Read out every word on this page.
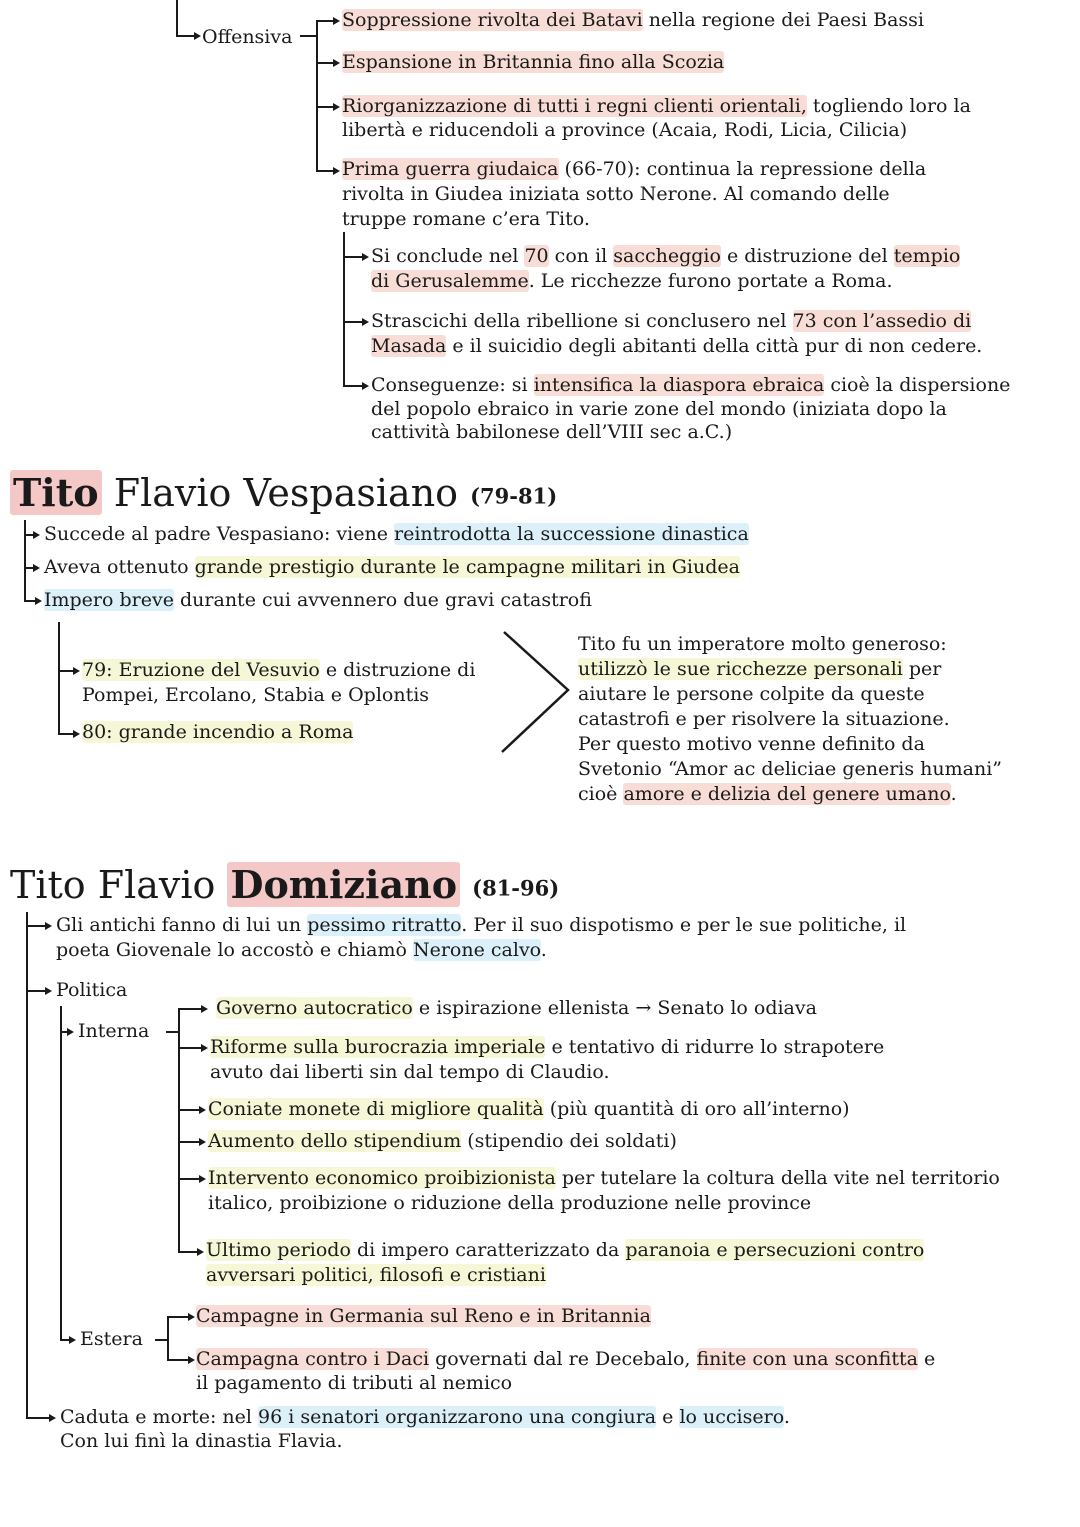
Offensiva
Soppressione rivolta dei Batavi nella regione dei Paesi Bassi
Espansione in Britannia fino alla Scozia
Riorganizzazione di tutti i regni clienti orientali, togliendo loro la
libertà e riducendoli a province (Acaia, Rodi, Licia, Cilicia)
Prima guerra giudaica (66-70): continua la repressione della
rivolta in Giudea iniziata sotto Nerone. Al comando delle
truppe romane c’era Tito.
Si conclude nel 70 con il saccheggio e distruzione del tempio
di Gerusalemme. Le ricchezze furono portate a Roma.
Strascichi della ribellione si conclusero nel 73 con l’assedio di
Masada e il suicidio degli abitanti della città pur di non cedere.
Conseguenze: si intensifica la diaspora ebraica cioè la dispersione
del popolo ebraico in varie zone del mondo (iniziata dopo la
cattività babilonese dell’VIII sec a.C.)
Tito Flavio Vespasiano (79-81)
Succede al padre Vespasiano: viene reintrodotta la successione dinastica
Aveva ottenuto grande prestigio durante le campagne militari in Giudea
Impero breve durante cui avvennero due gravi catastrofi
79: Eruzione del Vesuvio e distruzione di
Pompei, Ercolano, Stabia e Oplontis
80: grande incendio a Roma
Tito fu un imperatore molto generoso:
utilizzò le sue ricchezze personali per
aiutare le persone colpite da queste
catastrofi e per risolvere la situazione.
Per questo motivo venne definito da
Svetonio “Amor ac deliciae generis humani”
cioè amore e delizia del genere umano.
Tito Flavio Domiziano (81-96)
Gli antichi fanno di lui un pessimo ritratto. Per il suo dispotismo e per le sue politiche, il
poeta Giovenale lo accostò e chiamò Nerone calvo.
Politica
Interna
Estera
Governo autocratico e ispirazione ellenista → Senato lo odiava
Riforme sulla burocrazia imperiale e tentativo di ridurre lo strapotere
avuto dai liberti sin dal tempo di Claudio.
Coniate monete di migliore qualità (più quantità di oro all’interno)
Aumento dello stipendium (stipendio dei soldati)
Intervento economico proibizionista per tutelare la coltura della vite nel territorio
italico, proibizione o riduzione della produzione nelle province
Ultimo periodo di impero caratterizzato da paranoia e persecuzioni contro
avversari politici, filosofi e cristiani
Campagne in Germania sul Reno e in Britannia
Campagna contro i Daci governati dal re Decebalo, finite con una sconfitta e
il pagamento di tributi al nemico
Caduta e morte: nel 96 i senatori organizzarono una congiura e lo uccisero.
Con lui finì la dinastia Flavia.
